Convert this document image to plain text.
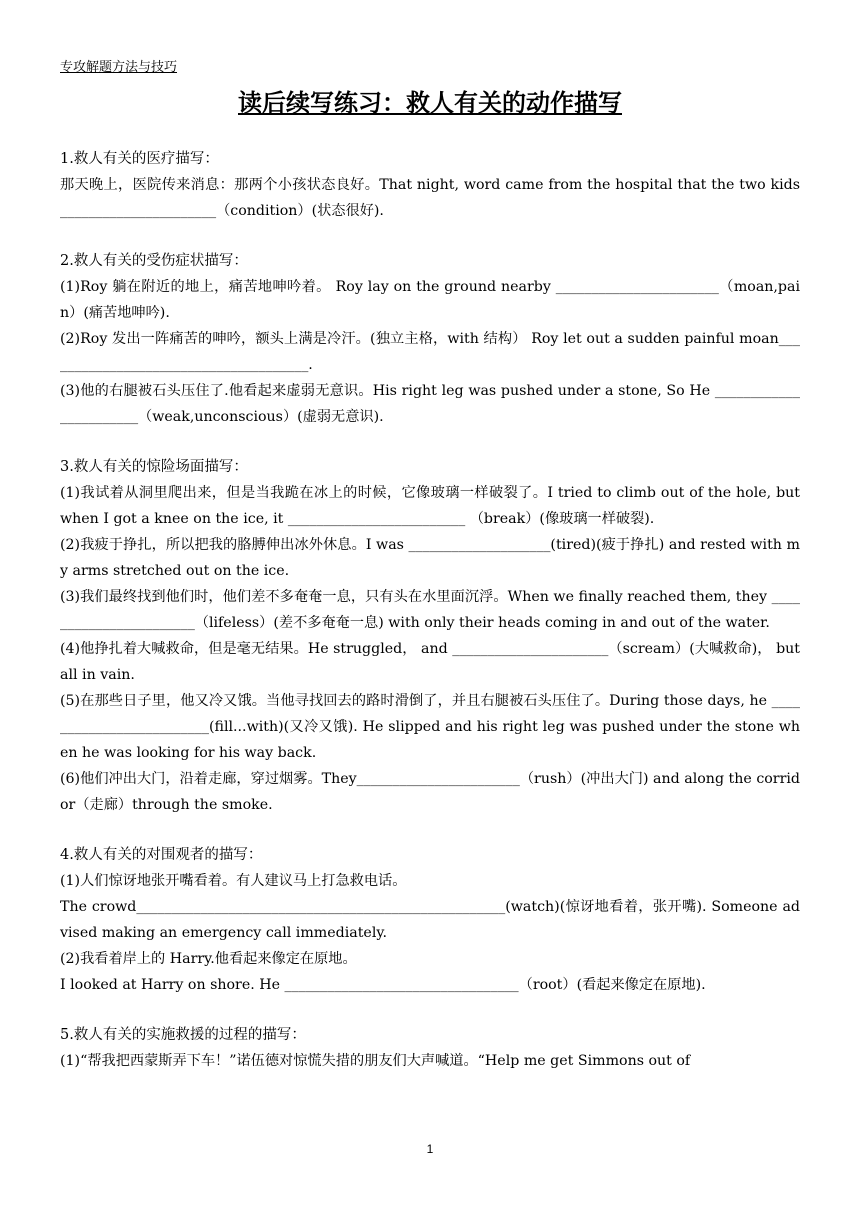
专攻解题方法与技巧
读后续写练习：救人有关的动作描写
1.救人有关的医疗描写：
那天晚上，医院传来消息：那两个小孩状态良好。That night, word came from the hospital that the two kids ______________________（condition）(状态很好).
2.救人有关的受伤症状描写：
(1)Roy 躺在附近的地上，痛苦地呻吟着。 Roy lay on the ground nearby _______________________（moan,pain）(痛苦地呻吟).
(2)Roy 发出一阵痛苦的呻吟，额头上满是冷汗。(独立主格，with 结构） Roy let out a sudden painful moan______________________________________.
(3)他的右腿被石头压住了.他看起来虚弱无意识。His right leg was pushed under a stone, So He _______________________（weak,unconscious）(虚弱无意识).
3.救人有关的惊险场面描写：
(1)我试着从洞里爬出来，但是当我跪在冰上的时候，它像玻璃一样破裂了。I tried to climb out of the hole, but when I got a knee on the ice, it _________________________ （break）(像玻璃一样破裂).
(2)我疲于挣扎，所以把我的胳膊伸出冰外休息。I was ____________________(tired)(疲于挣扎) and rested with my arms stretched out on the ice.
(3)我们最终找到他们时，他们差不多奄奄一息，只有头在水里面沉浮。When we finally reached them, they _______________________（lifeless）(差不多奄奄一息) with only their heads coming in and out of the water.
(4)他挣扎着大喊救命，但是毫无结果。He struggled， and ______________________（scream）(大喊救命)， but all in vain.
(5)在那些日子里，他又冷又饿。当他寻找回去的路时滑倒了，并且右腿被石头压住了。During those days, he _________________________(fill...with)(又冷又饿). He slipped and his right leg was pushed under the stone when he was looking for his way back.
(6)他们冲出大门，沿着走廊，穿过烟雾。They_______________________（rush）(冲出大门) and along the corridor（走廊）through the smoke.
4.救人有关的对围观者的描写：
(1)人们惊讶地张开嘴看着。有人建议马上打急救电话。
The crowd____________________________________________________(watch)(惊讶地看着，张开嘴). Someone advised making an emergency call immediately.
(2)我看着岸上的 Harry.他看起来像定在原地。
I looked at Harry on shore. He _________________________________（root）(看起来像定在原地).
5.救人有关的实施救援的过程的描写：
(1)“帮我把西蒙斯弄下车！”诺伍德对惊慌失措的朋友们大声喊道。“Help me get Simmons out of
1
